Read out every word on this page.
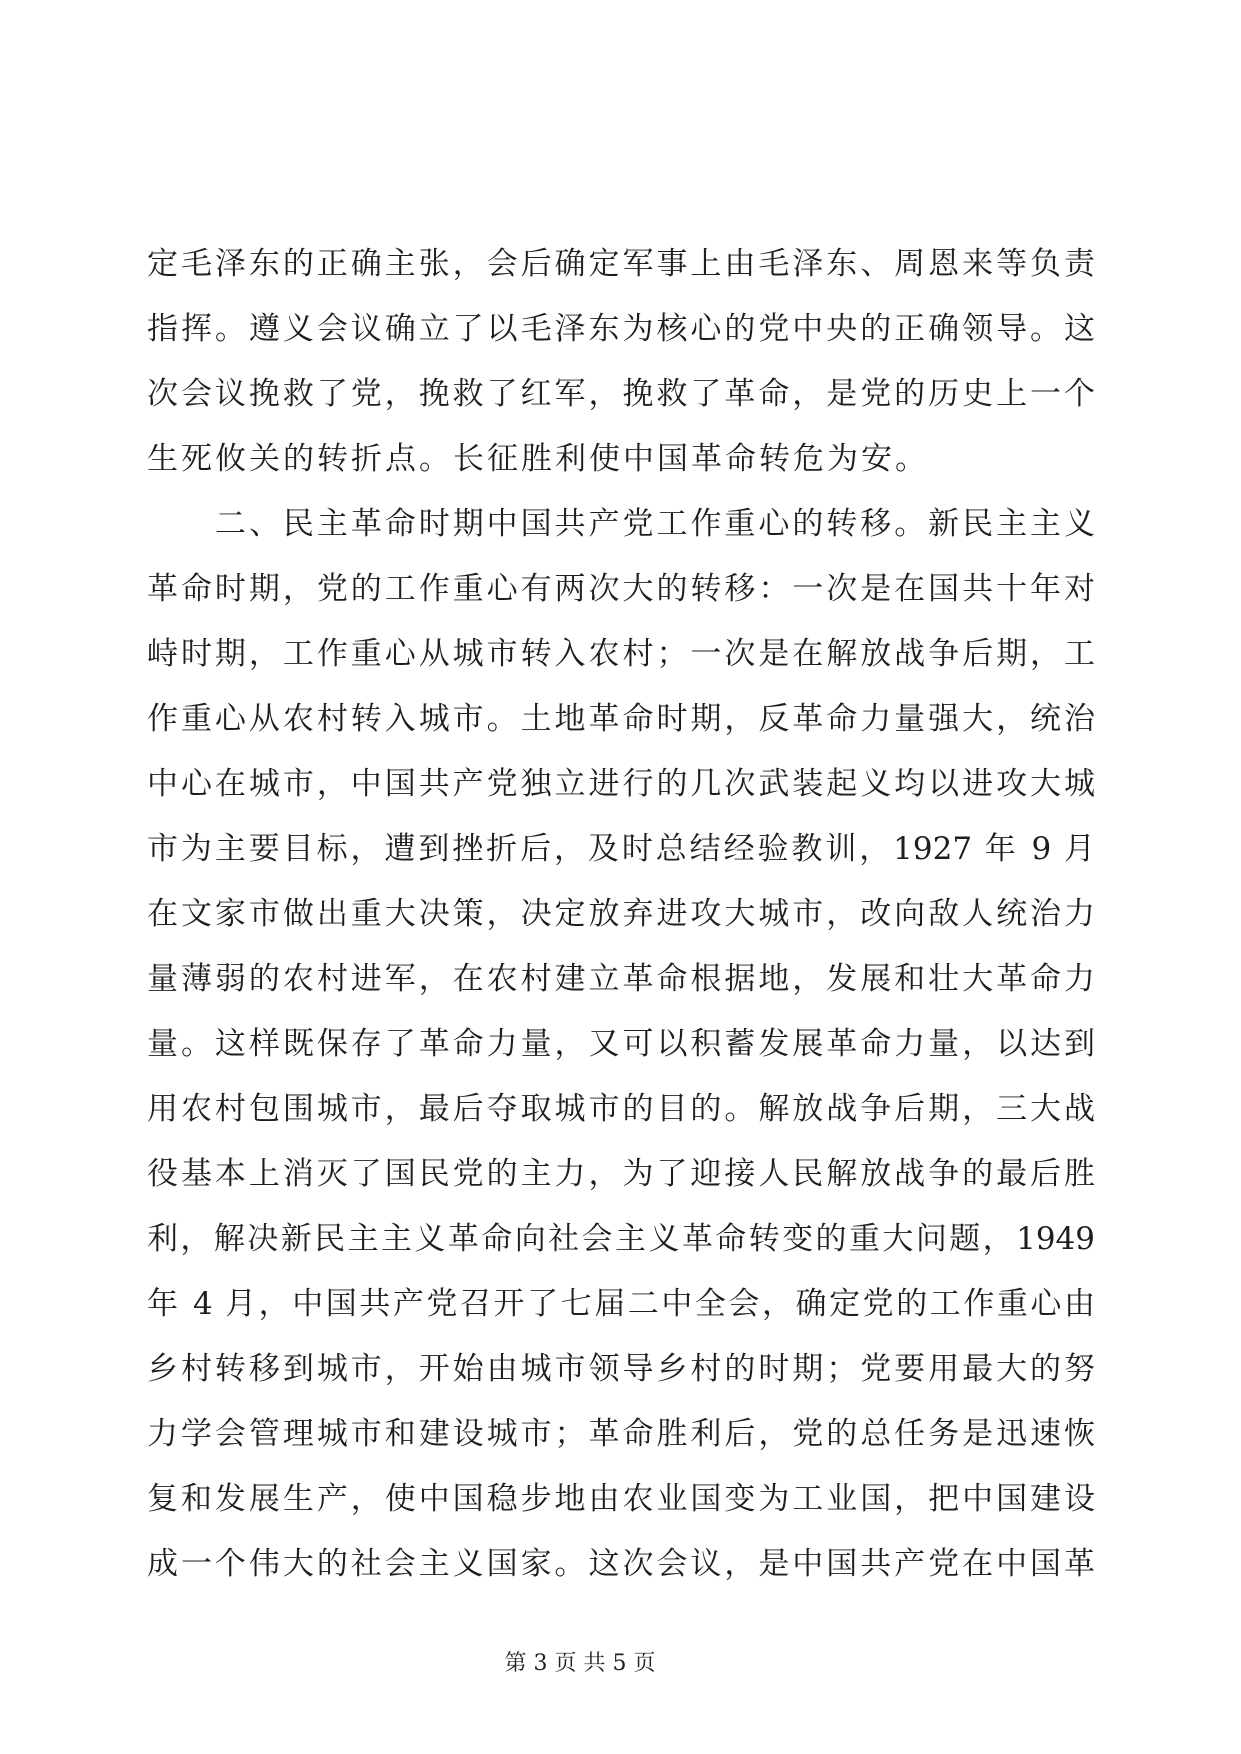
定毛泽东的正确主张，会后确定军事上由毛泽东、周恩来等负责
指挥。遵义会议确立了以毛泽东为核心的党中央的正确领导。这
次会议挽救了党，挽救了红军，挽救了革命，是党的历史上一个
生死攸关的转折点。长征胜利使中国革命转危为安。
二、民主革命时期中国共产党工作重心的转移。新民主主义
革命时期，党的工作重心有两次大的转移：一次是在国共十年对
峙时期，工作重心从城市转入农村；一次是在解放战争后期，工
作重心从农村转入城市。土地革命时期，反革命力量强大，统治
中心在城市，中国共产党独立进行的几次武装起义均以进攻大城
市为主要目标，遭到挫折后，及时总结经验教训，1927 年 9 月
在文家市做出重大决策，决定放弃进攻大城市，改向敌人统治力
量薄弱的农村进军，在农村建立革命根据地，发展和壮大革命力
量。这样既保存了革命力量，又可以积蓄发展革命力量，以达到
用农村包围城市，最后夺取城市的目的。解放战争后期，三大战
役基本上消灭了国民党的主力，为了迎接人民解放战争的最后胜
利，解决新民主主义革命向社会主义革命转变的重大问题，1949
年 4 月，中国共产党召开了七届二中全会，确定党的工作重心由
乡村转移到城市，开始由城市领导乡村的时期；党要用最大的努
力学会管理城市和建设城市；革命胜利后，党的总任务是迅速恢
复和发展生产，使中国稳步地由农业国变为工业国，把中国建设
成一个伟大的社会主义国家。这次会议，是中国共产党在中国革
第 3 页 共 5 页
